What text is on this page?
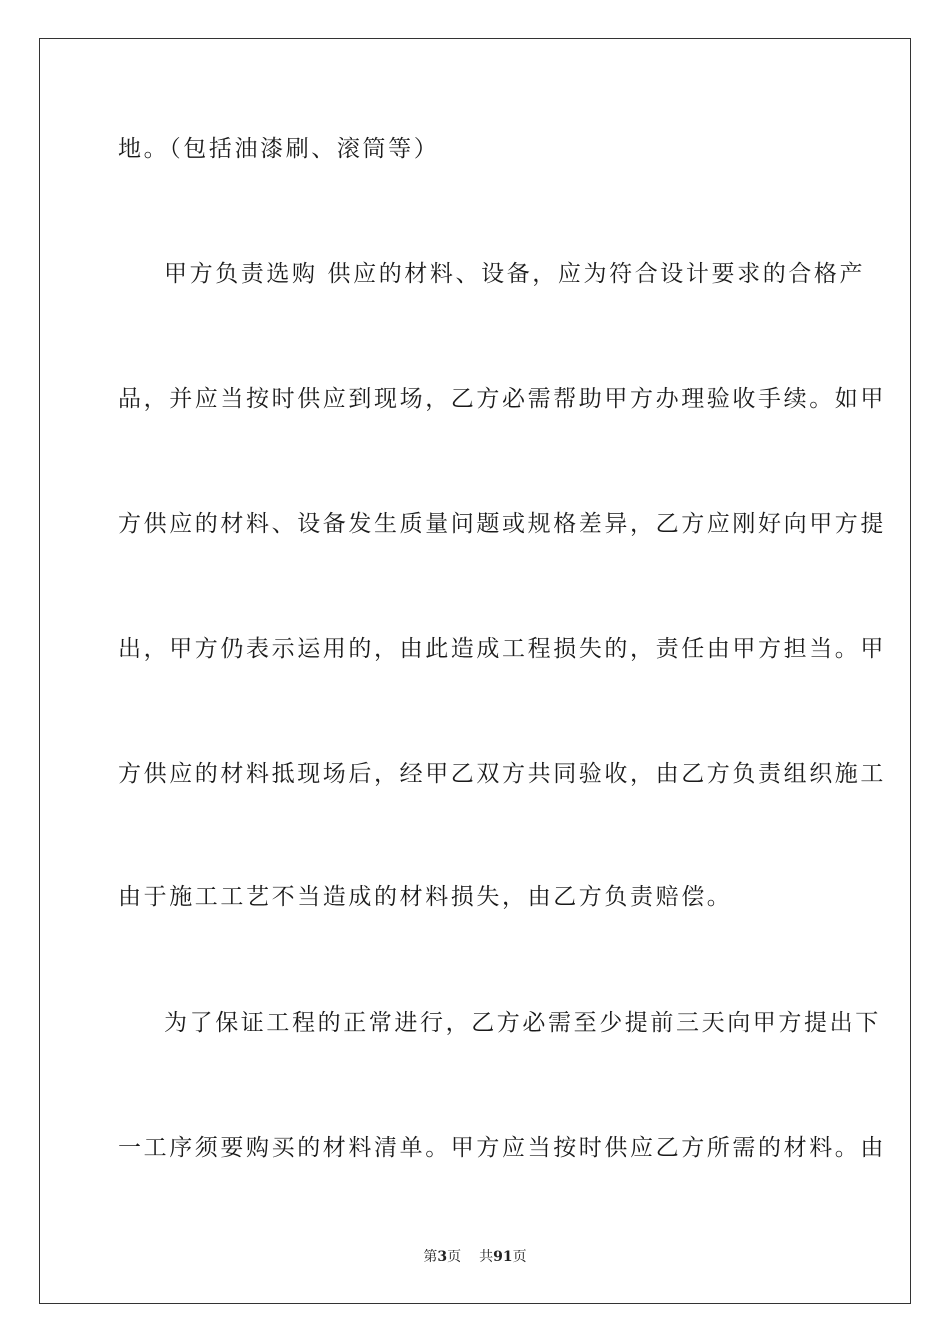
地。（包括油漆刷、滚筒等）
甲方负责选购 供应的材料、设备，应为符合设计要求的合格产
品，并应当按时供应到现场，乙方必需帮助甲方办理验收手续。如甲
方供应的材料、设备发生质量问题或规格差异，乙方应刚好向甲方提
出，甲方仍表示运用的，由此造成工程损失的，责任由甲方担当。甲
方供应的材料抵现场后，经甲乙双方共同验收，由乙方负责组织施工
由于施工工艺不当造成的材料损失，由乙方负责赔偿。
为了保证工程的正常进行，乙方必需至少提前三天向甲方提出下
一工序须要购买的材料清单。甲方应当按时供应乙方所需的材料。由
第3页 共91页
